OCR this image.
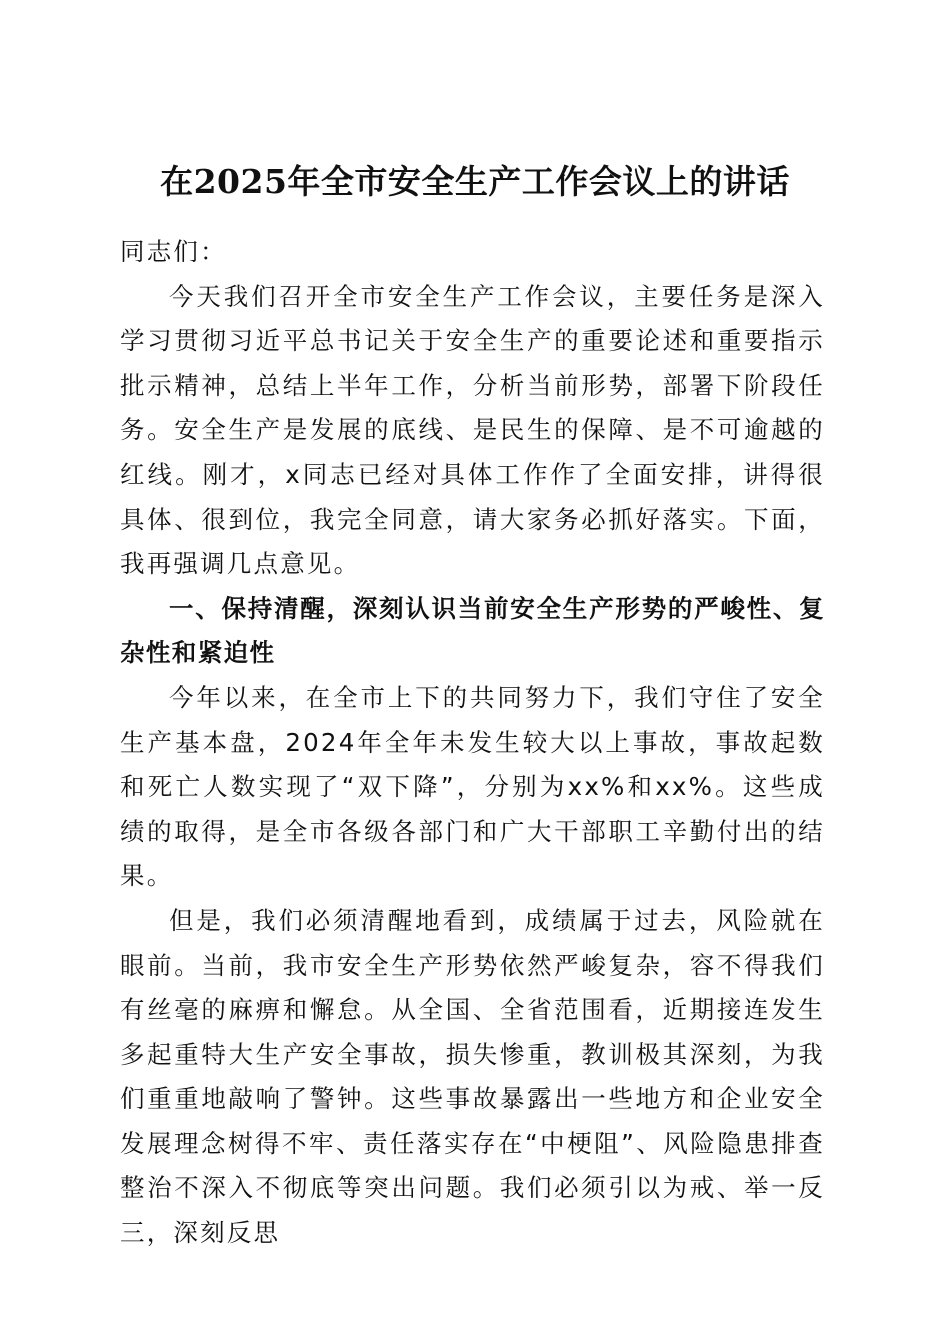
在2025年全市安全生产工作会议上的讲话

同志们：

今天我们召开全市安全生产工作会议，主要任务是深入学习贯彻习近平总书记关于安全生产的重要论述和重要指示批示精神，总结上半年工作，分析当前形势，部署下阶段任务。安全生产是发展的底线、是民生的保障、是不可逾越的红线。刚才，x同志已经对具体工作作了全面安排，讲得很具体、很到位，我完全同意，请大家务必抓好落实。下面，我再强调几点意见。

一、保持清醒，深刻认识当前安全生产形势的严峻性、复杂性和紧迫性

今年以来，在全市上下的共同努力下，我们守住了安全生产基本盘，2024年全年未发生较大以上事故，事故起数和死亡人数实现了“双下降”，分别为xx%和xx%。这些成绩的取得，是全市各级各部门和广大干部职工辛勤付出的结果。

但是，我们必须清醒地看到，成绩属于过去，风险就在眼前。当前，我市安全生产形势依然严峻复杂，容不得我们有丝毫的麻痹和懈怠。从全国、全省范围看，近期接连发生多起重特大生产安全事故，损失惨重，教训极其深刻，为我们重重地敲响了警钟。这些事故暴露出一些地方和企业安全发展理念树得不牢、责任落实存在“中梗阻”、风险隐患排查整治不深入不彻底等突出问题。我们必须引以为戒、举一反三，深刻反思
